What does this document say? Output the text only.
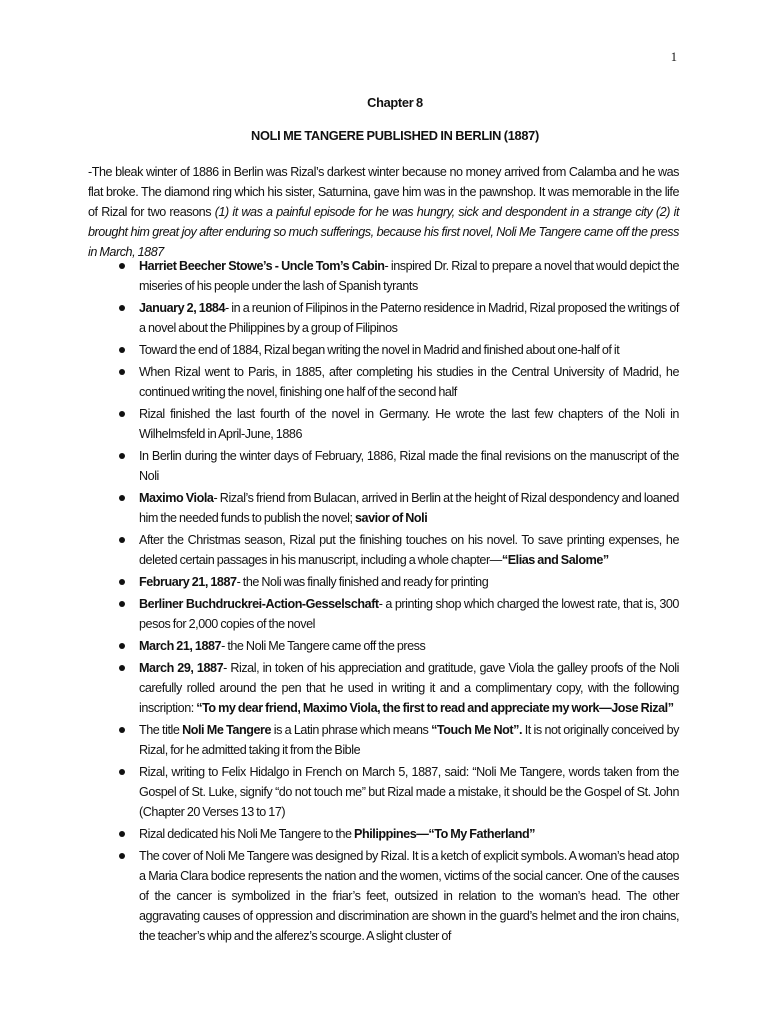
1
Chapter 8
NOLI ME TANGERE PUBLISHED IN BERLIN (1887)

-The bleak winter of 1886 in Berlin was Rizal’s darkest winter because no money arrived from Calamba and he was flat broke. The diamond ring which his sister, Saturnina, gave him was in the pawnshop. It was memorable in the life of Rizal for two reasons (1) it was a painful episode for he was hungry, sick and despondent in a strange city (2) it brought him great joy after enduring so much sufferings, because his first novel, Noli Me Tangere came off the press in March, 1887

Harriet Beecher Stowe’s - Uncle Tom’s Cabin- inspired Dr. Rizal to prepare a novel that would depict the miseries of his people under the lash of Spanish tyrants
January 2, 1884- in a reunion of Filipinos in the Paterno residence in Madrid, Rizal proposed the writings of a novel about the Philippines by a group of Filipinos
Toward the end of 1884, Rizal began writing the novel in Madrid and finished about one-half of it
When Rizal went to Paris, in 1885, after completing his studies in the Central University of Madrid, he continued writing the novel, finishing one half of the second half
Rizal finished the last fourth of the novel in Germany. He wrote the last few chapters of the Noli in Wilhelmsfeld in April-June, 1886
In Berlin during the winter days of February, 1886, Rizal made the final revisions on the manuscript of the Noli
Maximo Viola- Rizal’s friend from Bulacan, arrived in Berlin at the height of Rizal despondency and loaned him the needed funds to publish the novel; savior of Noli
After the Christmas season, Rizal put the finishing touches on his novel. To save printing expenses, he deleted certain passages in his manuscript, including a whole chapter—“Elias and Salome”
February 21, 1887- the Noli was finally finished and ready for printing
Berliner Buchdruckrei-Action-Gesselschaft- a printing shop which charged the lowest rate, that is, 300 pesos for 2,000 copies of the novel
March 21, 1887- the Noli Me Tangere came off the press
March 29, 1887- Rizal, in token of his appreciation and gratitude, gave Viola the galley proofs of the Noli carefully rolled around the pen that he used in writing it and a complimentary copy, with the following inscription: “To my dear friend, Maximo Viola, the first to read and appreciate my work—Jose Rizal”
The title Noli Me Tangere is a Latin phrase which means “Touch Me Not”. It is not originally conceived by Rizal, for he admitted taking it from the Bible
Rizal, writing to Felix Hidalgo in French on March 5, 1887, said: “Noli Me Tangere, words taken from the Gospel of St. Luke, signify “do not touch me” but Rizal made a mistake, it should be the Gospel of St. John (Chapter 20 Verses 13 to 17)
Rizal dedicated his Noli Me Tangere to the Philippines—“To My Fatherland”
The cover of Noli Me Tangere was designed by Rizal. It is a ketch of explicit symbols. A woman’s head atop a Maria Clara bodice represents the nation and the women, victims of the social cancer. One of the causes of the cancer is symbolized in the friar’s feet, outsized in relation to the woman’s head. The other aggravating causes of oppression and discrimination are shown in the guard’s helmet and the iron chains, the teacher’s whip and the alferez’s scourge. A slight cluster of
